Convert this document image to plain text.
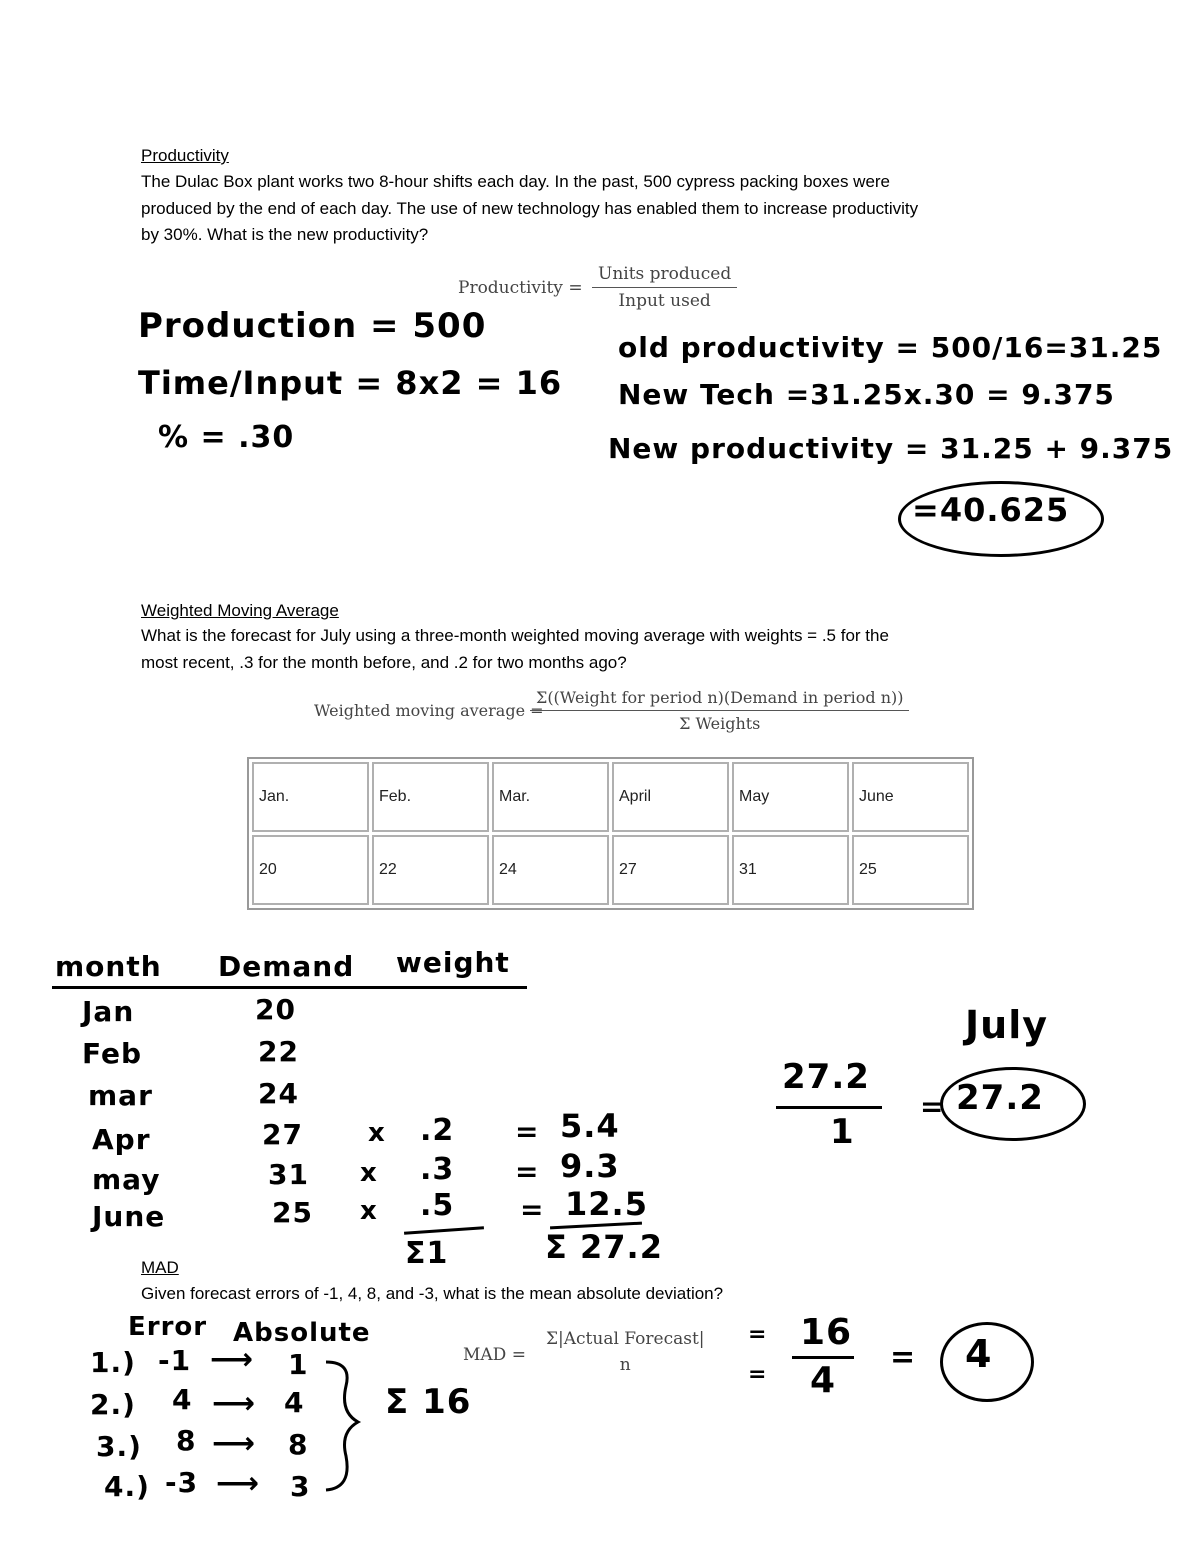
Productivity
The Dulac Box plant works two 8-hour shifts each day. In the past, 500 cypress packing boxes were
produced by the end of each day. The use of new technology has enabled them to increase productivity
by 30%. What is the new productivity?
Productivity =
Units produced
Input used
Production = 500
Time/Input = 8x2 = 16
% = .30
old productivity = 500/16=31.25
New Tech =31.25x.30 = 9.375
New productivity = 31.25 + 9.375
=40.625
Weighted Moving Average
What is the forecast for July using a three-month weighted moving average with weights = .5 for the
most recent, .3 for the month before, and .2 for two months ago?
Weighted moving average =
Σ((Weight for period n)(Demand in period n))
Σ Weights
Jan.	Feb.	Mar.	April	May	June
20	22	24	27	31	25
month Demand weight
Jan	20
Feb	22
mar	24
Apr	27	x .2 = 5.4
may	31 x .3 = 9.3
June	25 x .5 = 12.5
Σ1	Σ 27.2
27.2
1
=
July
27.2
MAD
Given forecast errors of -1, 4, 8, and -3, what is the mean absolute deviation?
MAD =
Σ|Actual Forecast|
n
Error Absolute
1.) -1 ⟶ 1
2.) 4 ⟶ 4
3.) 8 ⟶ 8
4.) -3 ⟶ 3
Σ 16
=
=
16
4
= 4
